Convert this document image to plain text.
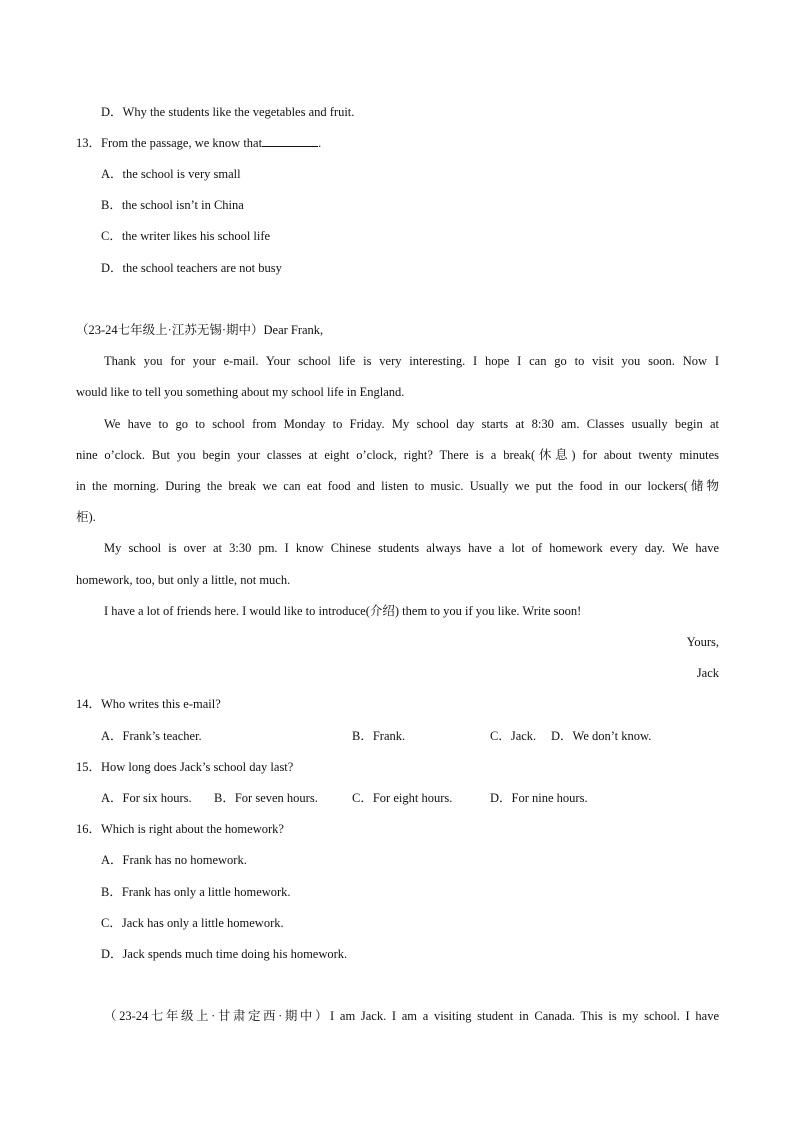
D．Why the students like the vegetables and fruit.
13．From the passage, we know that	.
A．the school is very small
B．the school isn’t in China
C．the writer likes his school life
D．the school teachers are not busy
（23-24七年级上·江苏无锡·期中）Dear Frank,
Thank you for your e-mail. Your school life is very interesting. I hope I can go to visit you soon. Now I
would like to tell you something about my school life in England.
We have to go to school from Monday to Friday. My school day starts at 8:30 am. Classes usually begin at
nine o’clock. But you begin your classes at eight o’clock, right? There is a break(休息) for about twenty minutes
in the morning. During the break we can eat food and listen to music. Usually we put the food in our lockers(储物
柜).
My school is over at 3:30 pm. I know Chinese students always have a lot of homework every day. We have
homework, too, but only a little, not much.
I have a lot of friends here. I would like to introduce(介绍) them to you if you like. Write soon!
Yours,
Jack
14．Who writes this e-mail?
A．Frank’s teacher.	B．Frank.	C．Jack. D．We don’t know.
15．How long does Jack’s school day last?
A．For six hours. B．For seven hours.	C．For eight hours.	D．For nine hours.
16．Which is right about the homework?
A．Frank has no homework.
B．Frank has only a little homework.
C．Jack has only a little homework.
D．Jack spends much time doing his homework.
（23-24七年级上·甘肃定西·期中）I am Jack. I am a visiting student in Canada. This is my school. I have
